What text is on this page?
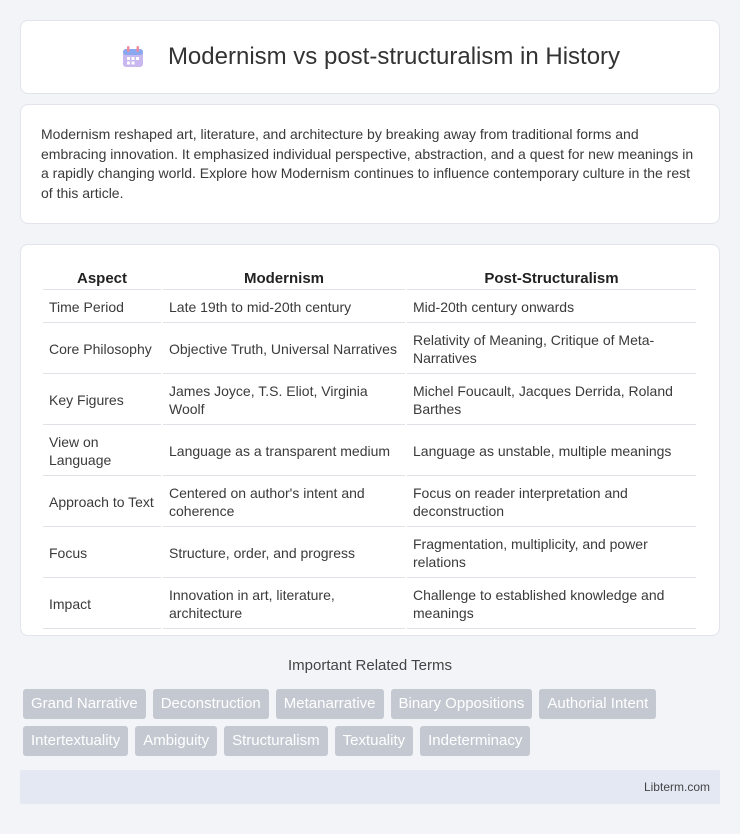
Modernism vs post-structuralism in History

Modernism reshaped art, literature, and architecture by breaking away from traditional forms and embracing innovation. It emphasized individual perspective, abstraction, and a quest for new meanings in a rapidly changing world. Explore how Modernism continues to influence contemporary culture in the rest of this article.

Aspect	Modernism	Post-Structuralism
Time Period	Late 19th to mid-20th century	Mid-20th century onwards
Core Philosophy	Objective Truth, Universal Narratives	Relativity of Meaning, Critique of Meta-Narratives
Key Figures	James Joyce, T.S. Eliot, Virginia Woolf	Michel Foucault, Jacques Derrida, Roland Barthes
View on Language	Language as a transparent medium	Language as unstable, multiple meanings
Approach to Text	Centered on author's intent and coherence	Focus on reader interpretation and deconstruction
Focus	Structure, order, and progress	Fragmentation, multiplicity, and power relations
Impact	Innovation in art, literature, architecture	Challenge to established knowledge and meanings
Important Related Terms
Grand Narrative	Deconstruction	Metanarrative	Binary Oppositions	Authorial Intent
Intertextuality	Ambiguity	Structuralism	Textuality	Indeterminacy
Libterm.com
